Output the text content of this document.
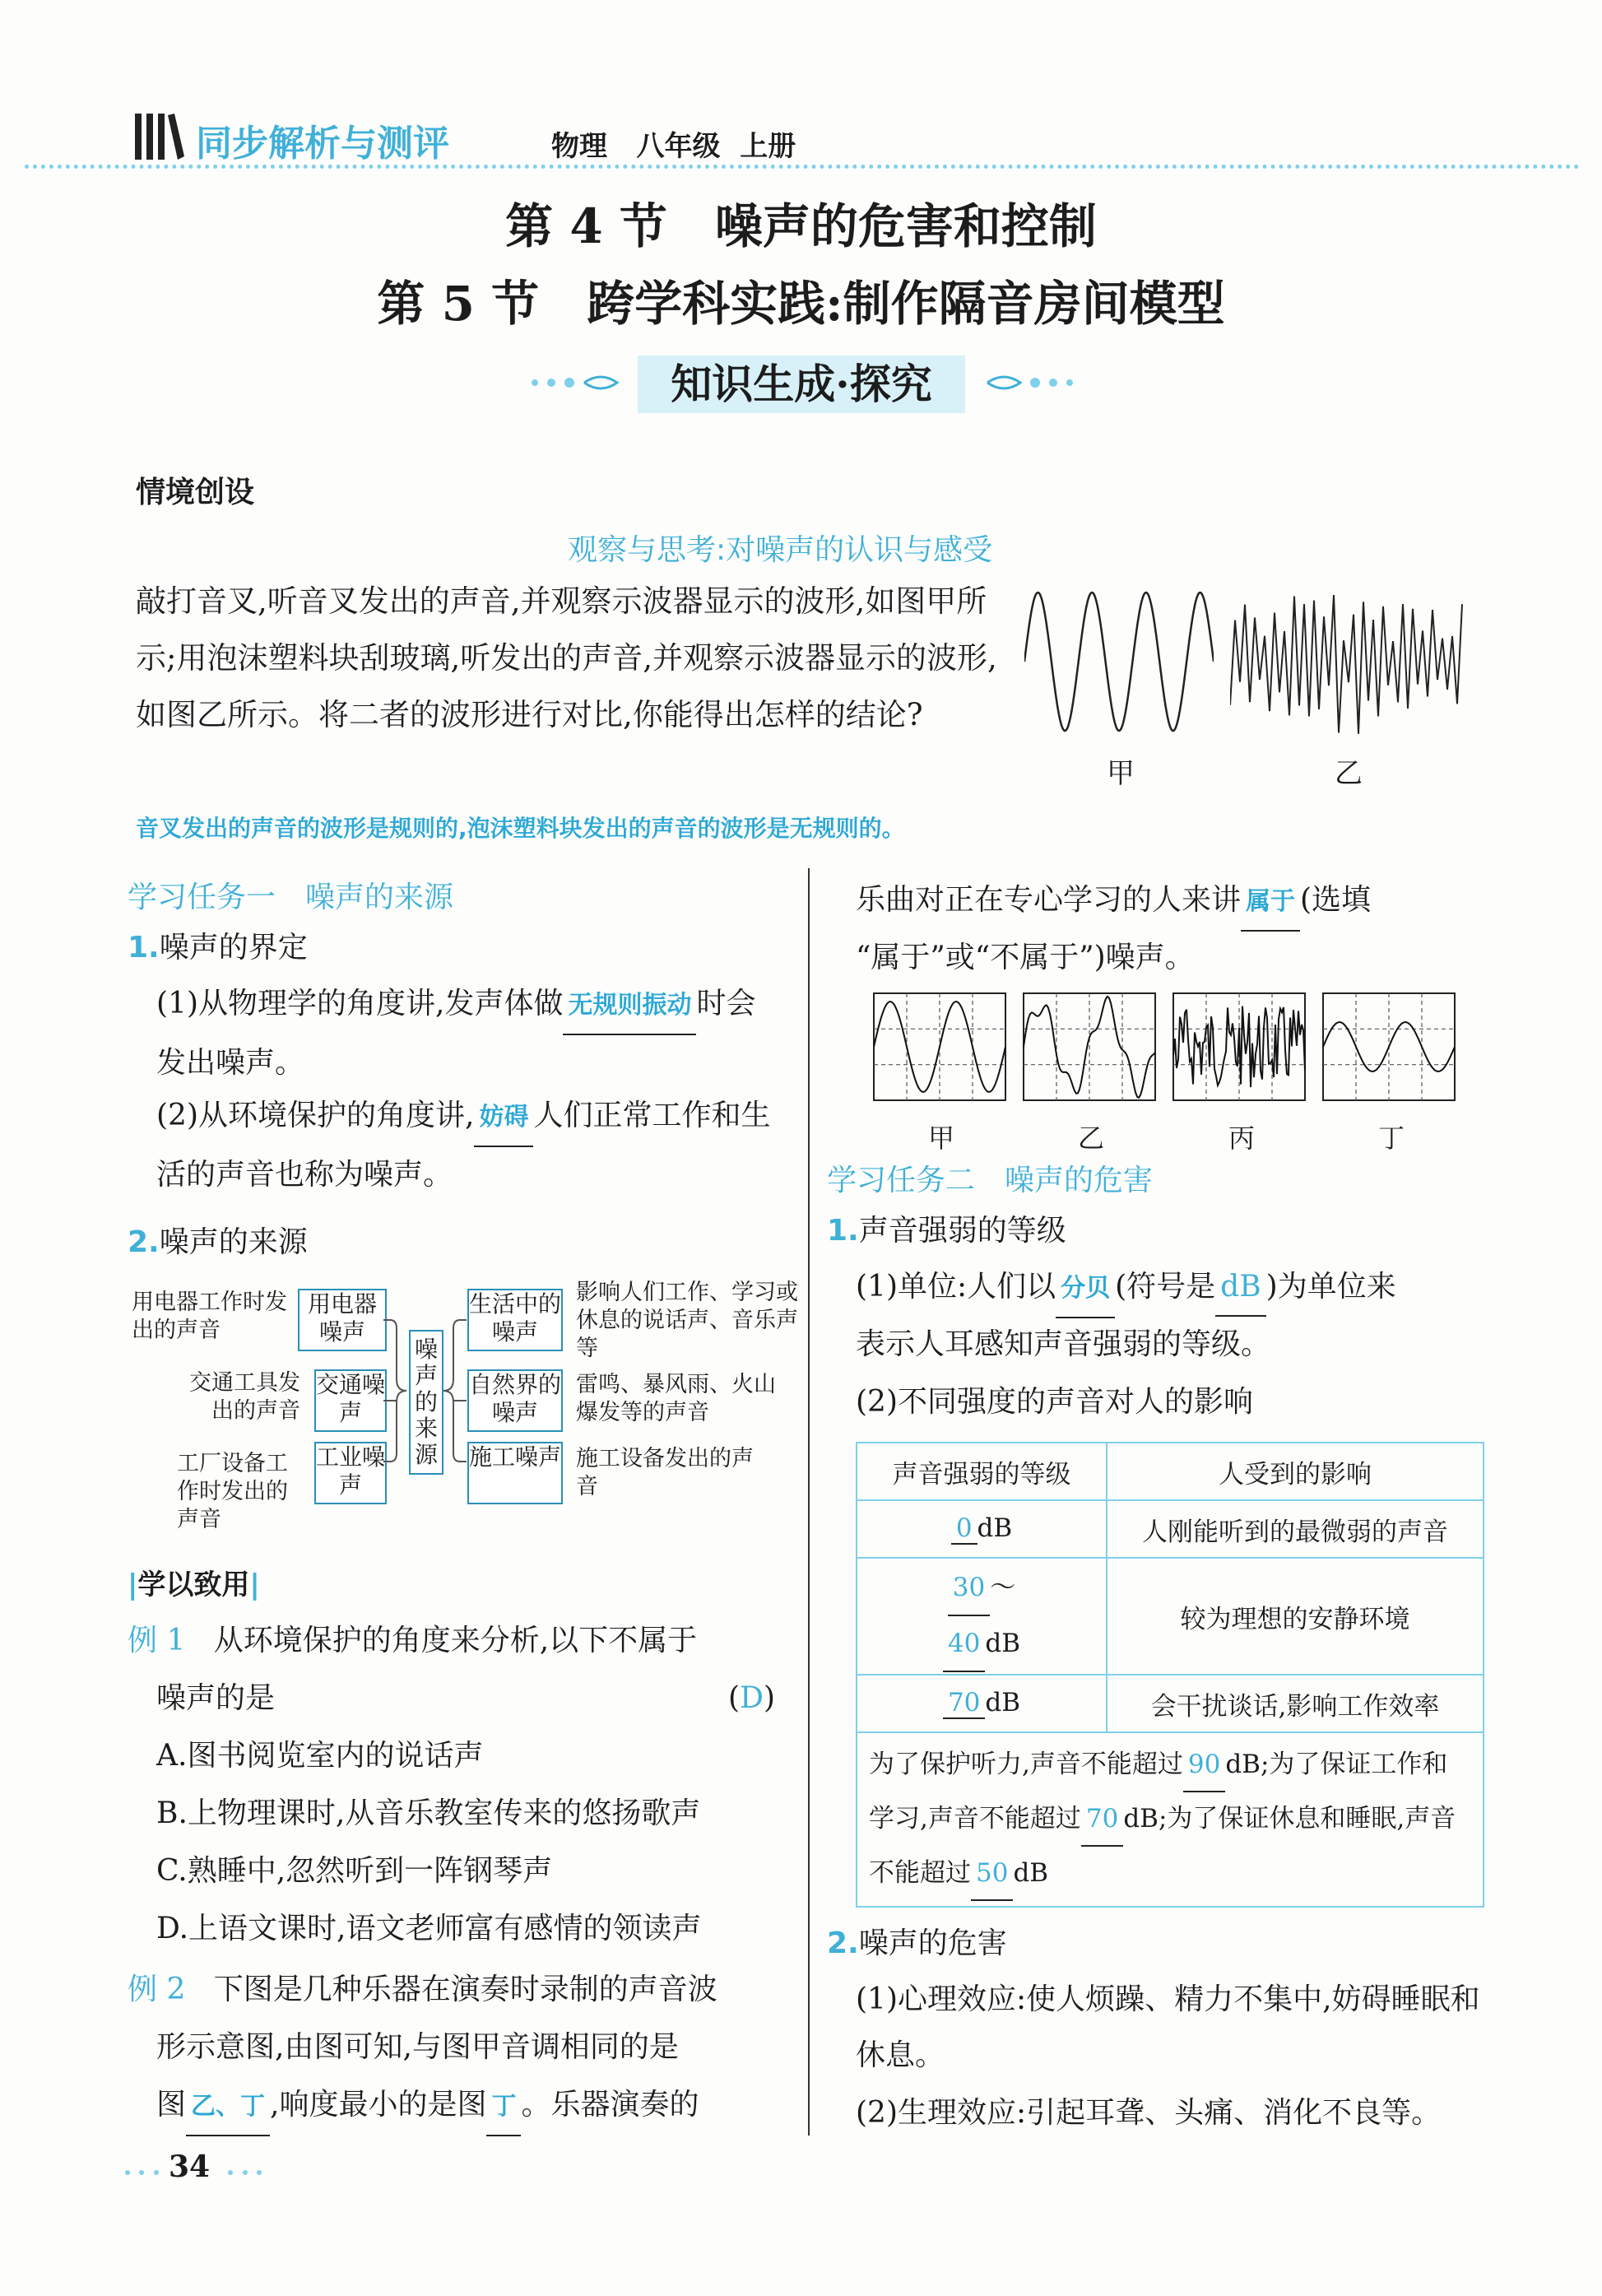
同步解析与测评	物理 八年级 上册
第 4 节　噪声的危害和控制
第 5 节　跨学科实践:制作隔音房间模型
知识生成·探究
情境创设
观察与思考:对噪声的认识与感受
敲打音叉,听音叉发出的声音,并观察示波器显示的波形,如图甲所示;用泡沫塑料块刮玻璃,听发出的声音,并观察示波器显示的波形,如图乙所示。将二者的波形进行对比,你能得出怎样的结论?
甲	乙
音叉发出的声音的波形是规则的,泡沫塑料块发出的声音的波形是无规则的。
学习任务一　噪声的来源
1.噪声的界定
(1)从物理学的角度讲,发声体做 无规则振动 时会发出噪声。
(2)从环境保护的角度讲, 妨碍 人们正常工作和生活的声音也称为噪声。
2.噪声的来源
用电器工作时发出的声音
用电器噪声
交通工具发出的声音
交通噪声
工厂设备工作时发出的声音
工业噪声
噪声的来源
生活中的噪声
影响人们工作、学习或休息的说话声、音乐声等
自然界的噪声
雷鸣、暴风雨、火山爆发等的声音
施工噪声 施工设备发出的声音
|学以致用|
例 1 从环境保护的角度来分析,以下不属于
噪声的是	(D)
A.图书阅览室内的说话声
B.上物理课时,从音乐教室传来的悠扬歌声
C.熟睡中,忽然听到一阵钢琴声
D.上语文课时,语文老师富有感情的领读声
例 2 下图是几种乐器在演奏时录制的声音波
形示意图,由图可知,与图甲音调相同的是
图 乙、丁 ,响度最小的是图 丁 。乐器演奏的
34
乐曲对正在专心学习的人来讲 属于 (选填
“属于”或“不属于”)噪声。
甲	乙	丙	丁
学习任务二　噪声的危害
1.声音强弱的等级
(1)单位:人们以 分贝 (符号是 dB )为单位来
表示人耳感知声音强弱的等级。
(2)不同强度的声音对人的影响
声音强弱的等级	人受到的影响
0 dB	人刚能听到的最微弱的声音
30 ～
40 dB	较为理想的安静环境
70 dB	会干扰谈话,影响工作效率
为了保护听力,声音不能超过 90 dB;为了保证工作和学习,声音不能超过 70 dB;为了保证休息和睡眠,声音不能超过 50 dB	
2.噪声的危害
(1)心理效应:使人烦躁、精力不集中,妨碍睡眠和休息。
(2)生理效应:引起耳聋、头痛、消化不良等。
